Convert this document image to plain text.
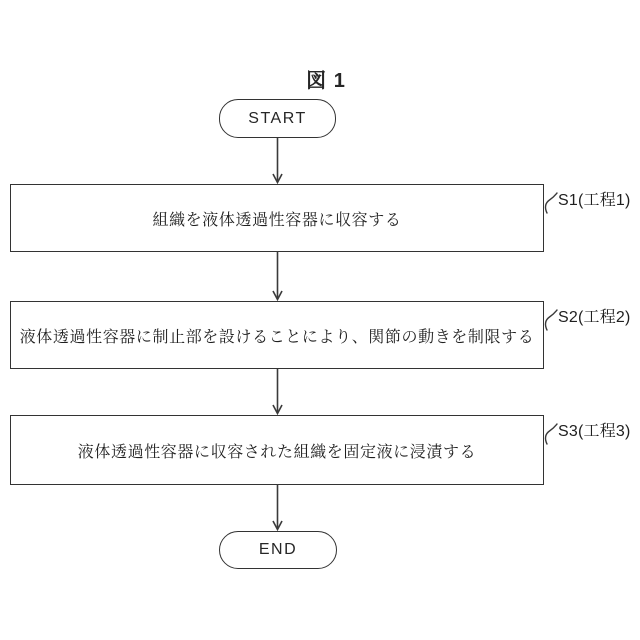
図 1
START
組織を液体透過性容器に収容する
S1(工程1)
液体透過性容器に制止部を設けることにより、関節の動きを制限する
S2(工程2)
液体透過性容器に収容された組織を固定液に浸漬する
S3(工程3)
END
